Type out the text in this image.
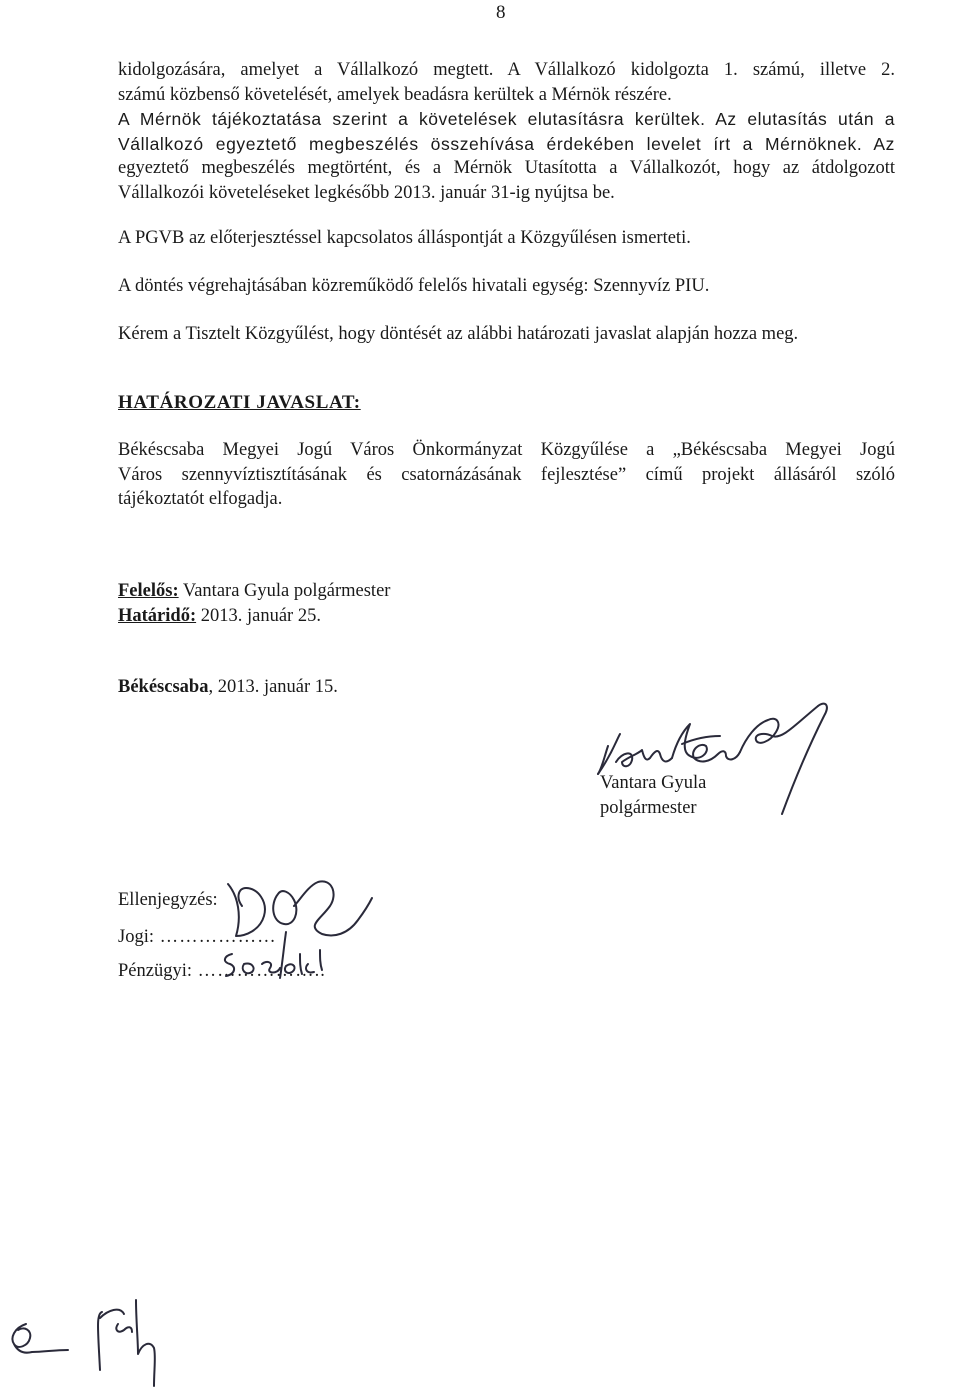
8
kidolgozására, amelyet a Vállalkozó megtett. A Vállalkozó kidolgozta 1. számú, illetve 2.
számú közbenső követelését, amelyek beadásra kerültek a Mérnök részére.
A Mérnök tájékoztatása szerint a követelések elutasításra kerültek. Az elutasítás után a
Vállalkozó egyeztető megbeszélés összehívása érdekében levelet írt a Mérnöknek. Az
egyeztető megbeszélés megtörtént, és a Mérnök Utasította a Vállalkozót, hogy az átdolgozott
Vállalkozói követeléseket legkésőbb 2013. január 31-ig nyújtsa be.

A PGVB az előterjesztéssel kapcsolatos álláspontját a Közgyűlésen ismerteti.

A döntés végrehajtásában közreműködő felelős hivatali egység: Szennyvíz PIU.

Kérem a Tisztelt Közgyűlést, hogy döntését az alábbi határozati javaslat alapján hozza meg.

HATÁROZATI JAVASLAT:
Békéscsaba Megyei Jogú Város Önkormányzat Közgyűlése a „Békéscsaba Megyei Jogú
Város szennyvíztisztításának és csatornázásának fejlesztése” című projekt állásáról szóló
tájékoztatót elfogadja.
Felelős: Vantara Gyula polgármester
Határidő: 2013. január 25.
Békéscsaba, 2013. január 15.
Vantara Gyula
polgármester
Ellenjegyzés:
Jogi: ………………
Pénzügyi: ………………..
